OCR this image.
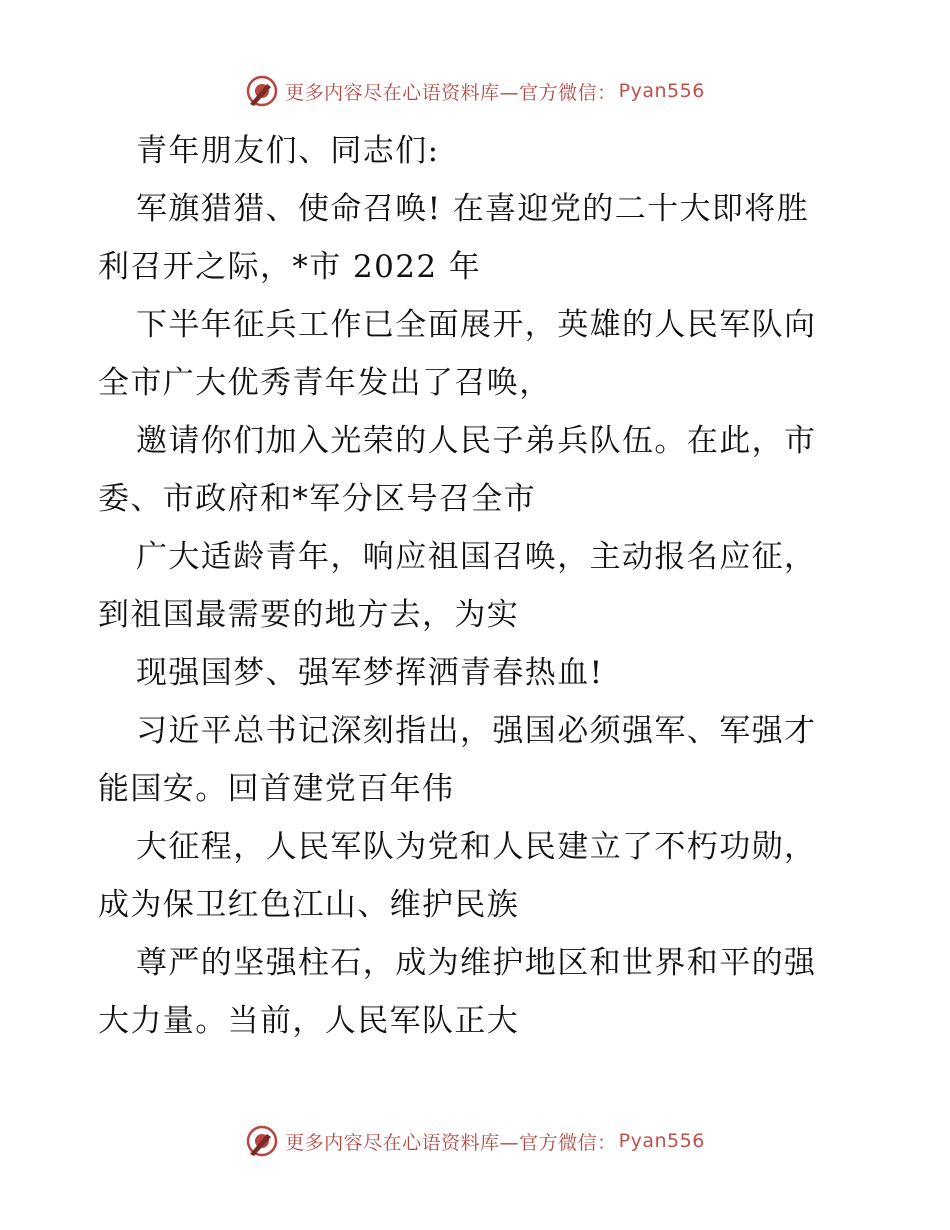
更多内容尽在心语资料库—官方微信： Pyan556
青年朋友们、同志们:
军旗猎猎、使命召唤! 在喜迎党的二十大即将胜
利召开之际，*市 2022 年
下半年征兵工作已全面展开，英雄的人民军队向
全市广大优秀青年发出了召唤，
邀请你们加入光荣的人民子弟兵队伍。在此，市
委、市政府和*军分区号召全市
广大适龄青年，响应祖国召唤，主动报名应征，
到祖国最需要的地方去，为实
现强国梦、强军梦挥洒青春热血!
习近平总书记深刻指出，强国必须强军、军强才
能国安。回首建党百年伟
大征程，人民军队为党和人民建立了不朽功勋，
成为保卫红色江山、维护民族
尊严的坚强柱石，成为维护地区和世界和平的强
大力量。当前，人民军队正大
更多内容尽在心语资料库—官方微信： Pyan556
